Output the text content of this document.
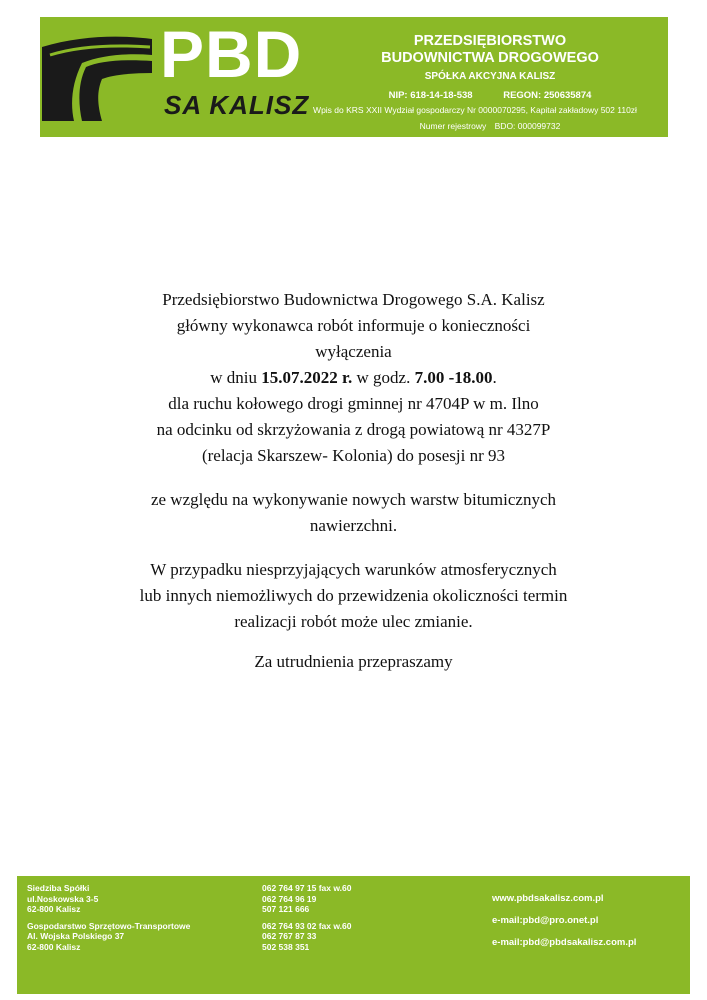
PBD
SA KALISZ
PRZEDSIĘBIORSTWO
BUDOWNICTWA DROGOWEGO
SPÓŁKA AKCYJNA KALISZ
NIP: 618-14-18-538	REGON: 250635874
Wpis do KRS XXII Wydział gospodarczy Nr 0000070295, Kapitał zakładowy 502 110zł
Numer rejestrowy BDO: 000099732

Przedsiębiorstwo Budownictwa Drogowego S.A. Kalisz

główny wykonawca robót informuje o konieczności

wyłączenia

w dniu 15.07.2022 r. w godz. 7.00 -18.00.

dla ruchu kołowego drogi gminnej nr 4704P w m. Ilno

na odcinku od skrzyżowania z drogą powiatową nr 4327P

(relacja Skarszew- Kolonia) do posesji nr 93

ze względu na wykonywanie nowych warstw bitumicznych

nawierzchni.

W przypadku niesprzyjających warunków atmosferycznych

lub innych niemożliwych do przewidzenia okoliczności termin

realizacji robót może ulec zmianie.

Za utrudnienia przepraszamy

Siedziba Spółki
ul.Noskowska 3-5
62-800 Kalisz
Gospodarstwo Sprzętowo-Transportowe
Al. Wojska Polskiego 37
62-800 Kalisz
062 764 97 15 fax w.60
062 764 96 19
507 121 666
062 764 93 02 fax w.60
062 767 87 33
502 538 351
www.pbdsakalisz.com.pl
e-mail:pbd@pro.onet.pl
e-mail:pbd@pbdsakalisz.com.pl
